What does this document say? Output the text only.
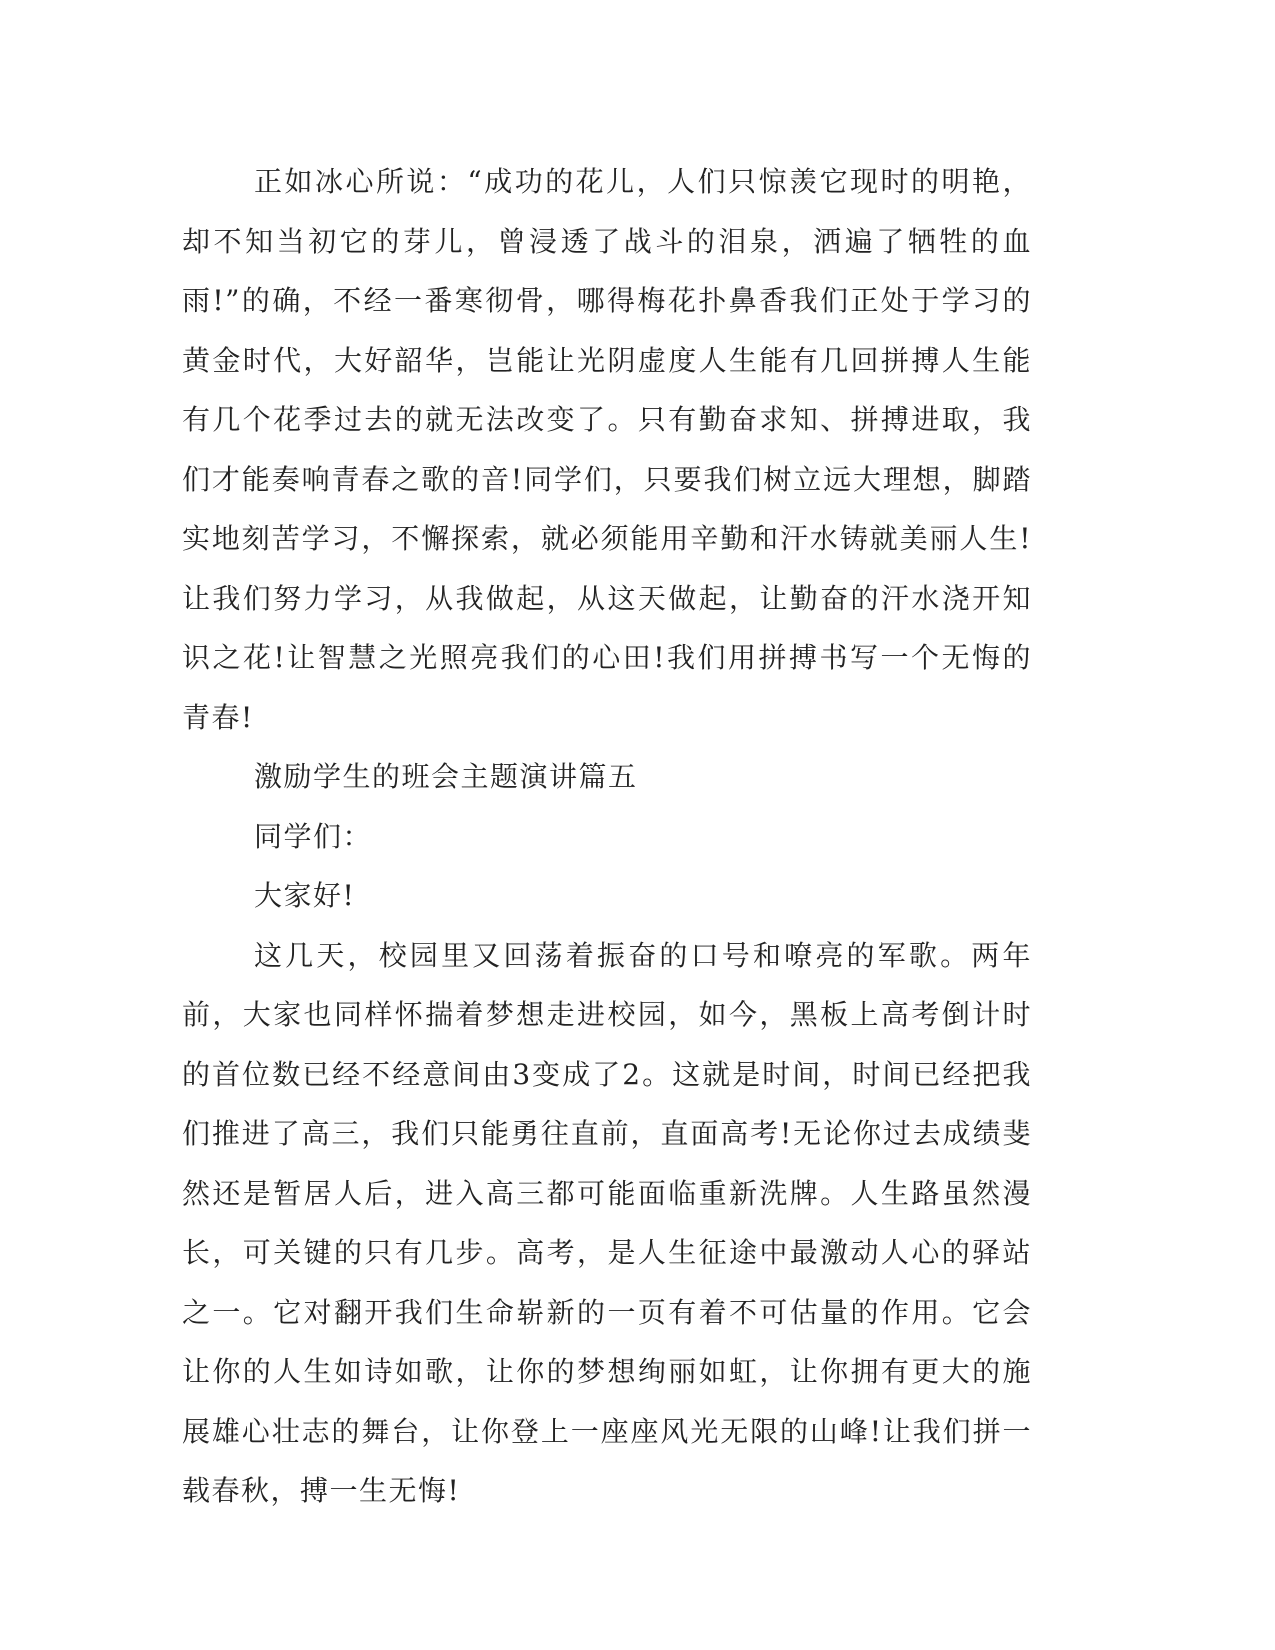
正如冰心所说：“成功的花儿，人们只惊羡它现时的明艳，却不知当初它的芽儿，曾浸透了战斗的泪泉，洒遍了牺牲的血雨!”的确，不经一番寒彻骨，哪得梅花扑鼻香我们正处于学习的黄金时代，大好韶华，岂能让光阴虚度人生能有几回拼搏人生能有几个花季过去的就无法改变了。只有勤奋求知、拼搏进取，我们才能奏响青春之歌的音!同学们，只要我们树立远大理想，脚踏实地刻苦学习，不懈探索，就必须能用辛勤和汗水铸就美丽人生!让我们努力学习，从我做起，从这天做起，让勤奋的汗水浇开知识之花!让智慧之光照亮我们的心田!我们用拼搏书写一个无悔的青春!

激励学生的班会主题演讲篇五

同学们：

大家好!

这几天，校园里又回荡着振奋的口号和嘹亮的军歌。两年前，大家也同样怀揣着梦想走进校园，如今，黑板上高考倒计时的首位数已经不经意间由3变成了2。这就是时间，时间已经把我们推进了高三，我们只能勇往直前，直面高考!无论你过去成绩斐然还是暂居人后，进入高三都可能面临重新洗牌。人生路虽然漫长，可关键的只有几步。高考，是人生征途中最激动人心的驿站之一。它对翻开我们生命崭新的一页有着不可估量的作用。它会让你的人生如诗如歌，让你的梦想绚丽如虹，让你拥有更大的施展雄心壮志的舞台，让你登上一座座风光无限的山峰!让我们拼一载春秋，搏一生无悔!
